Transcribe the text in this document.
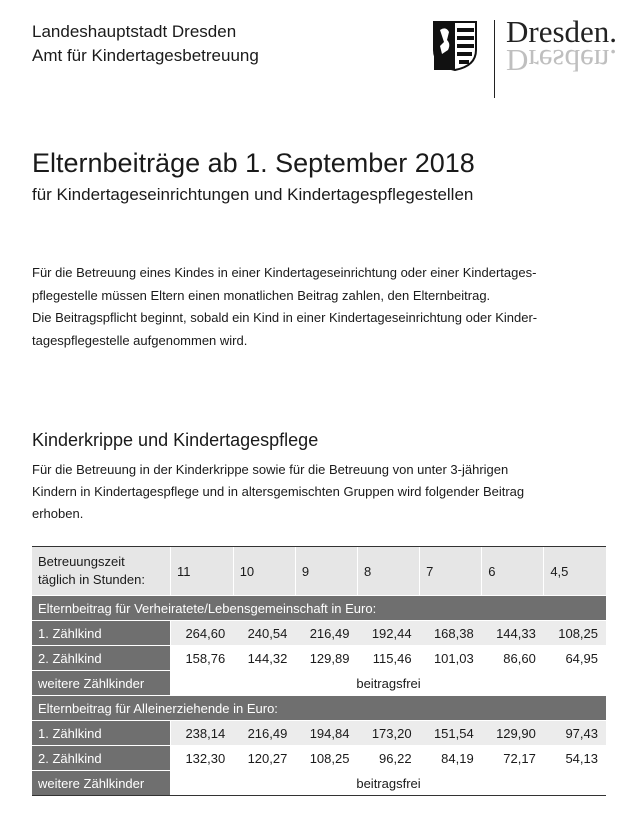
Landeshauptstadt Dresden
Amt für Kindertagesbetreuung
Dresden.
Dresden.
Elternbeiträge ab 1. September 2018
für Kindertageseinrichtungen und Kindertagespflegestellen
Für die Betreuung eines Kindes in einer Kindertageseinrichtung oder einer Kindertages-
pflegestelle müssen Eltern einen monatlichen Beitrag zahlen, den Elternbeitrag.
Die Beitragspflicht beginnt, sobald ein Kind in einer Kindertageseinrichtung oder Kinder-
tagespflegestelle aufgenommen wird.
Kinderkrippe und Kindertagespflege
Für die Betreuung in der Kinderkrippe sowie für die Betreuung von unter 3-jährigen
Kindern in Kindertagespflege und in altersgemischten Gruppen wird folgender Beitrag
erhoben.
Betreuungszeit
täglich in Stunden:	11	10	9	8	7	6	4,5
Elternbeitrag für Verheiratete/Lebensgemeinschaft in Euro:							
1. Zählkind	264,60	240,54	216,49	192,44	168,38	144,33	108,25
2. Zählkind	158,76	144,32	129,89	115,46	101,03	86,60	64,95
weitere Zählkinder	beitragsfrei						
Elternbeitrag für Alleinerziehende in Euro:							
1. Zählkind	238,14	216,49	194,84	173,20	151,54	129,90	97,43
2. Zählkind	132,30	120,27	108,25	96,22	84,19	72,17	54,13
weitere Zählkinder	beitragsfrei						
